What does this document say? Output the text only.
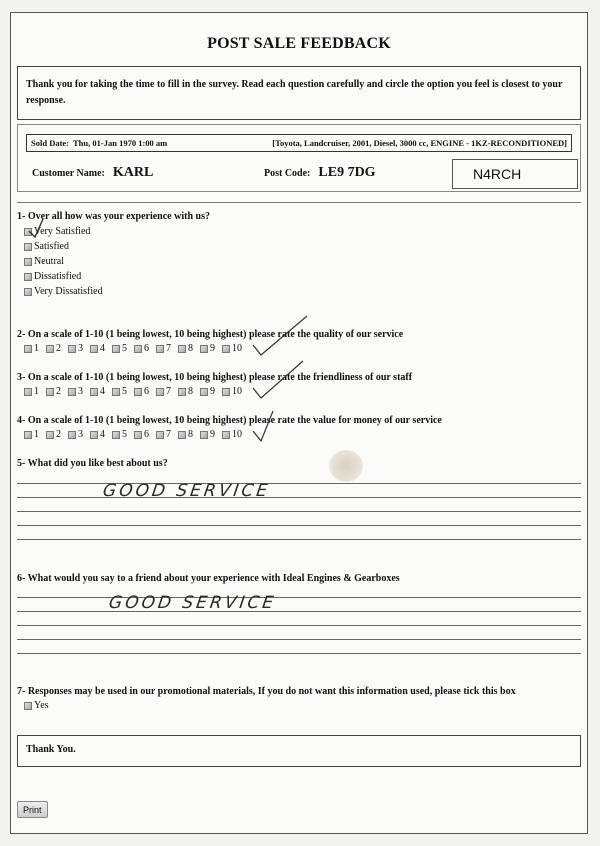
POST SALE FEEDBACK
Thank you for taking the time to fill in the survey. Read each question carefully and circle the option you feel is closest to your response.
Sold Date: Thu, 01-Jan 1970 1:00 am	[Toyota, Landcruiser, 2001, Diesel, 3000 cc, ENGINE - 1KZ-RECONDITIONED]
Customer Name: KARL	Post Code: LE9 7DG	N4RCH
1- Over all how was your experience with us?
Very Satisfied
Satisfied
Neutral
Dissatisfied
Very Dissatisfied
2- On a scale of 1-10 (1 being lowest, 10 being highest) please rate the quality of our service
1 2 3 4 5 6 7 8 9 10
3- On a scale of 1-10 (1 being lowest, 10 being highest) please rate the friendliness of our staff
1 2 3 4 5 6 7 8 9 10
4- On a scale of 1-10 (1 being lowest, 10 being highest) please rate the value for money of our service
1 2 3 4 5 6 7 8 9 10
5- What did you like best about us?
GOOD SERVICE
6- What would you say to a friend about your experience with Ideal Engines & Gearboxes
GOOD SERVICE
7- Responses may be used in our promotional materials, If you do not want this information used, please tick this box
Yes
Thank You.
Print
